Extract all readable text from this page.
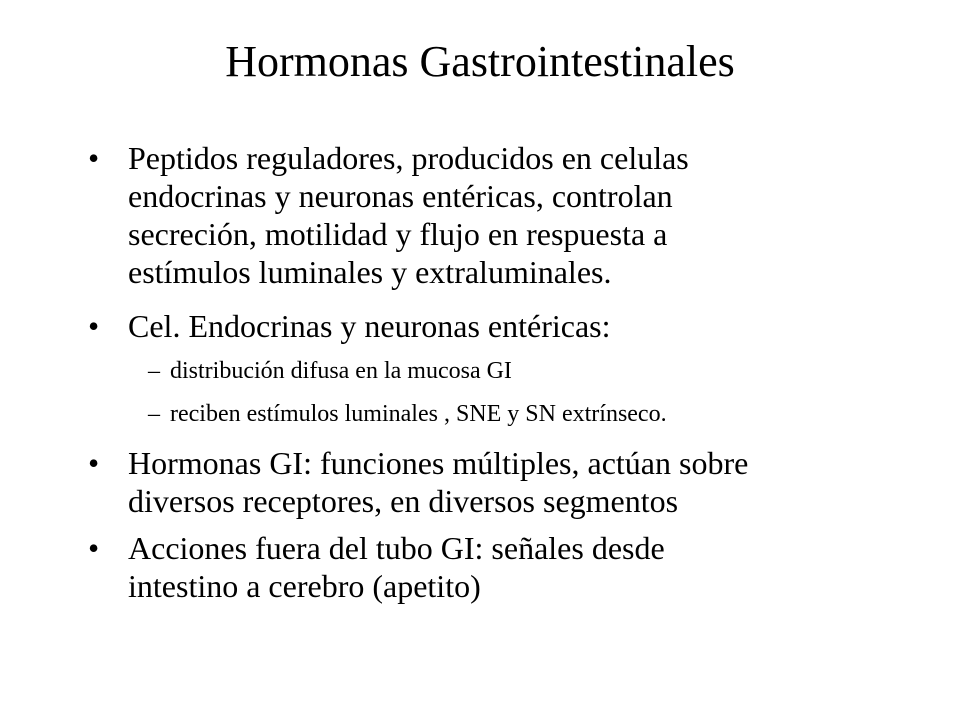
Hormonas Gastrointestinales
• Peptidos reguladores, producidos en celulas
endocrinas y neuronas entéricas, controlan
secreción, motilidad y flujo en respuesta a
estímulos luminales y extraluminales.
• Cel. Endocrinas y neuronas entéricas:
– distribución difusa en la mucosa GI
– reciben estímulos luminales , SNE y SN extrínseco.
• Hormonas GI: funciones múltiples, actúan sobre
diversos receptores, en diversos segmentos
• Acciones fuera del tubo GI: señales desde
intestino a cerebro (apetito)
